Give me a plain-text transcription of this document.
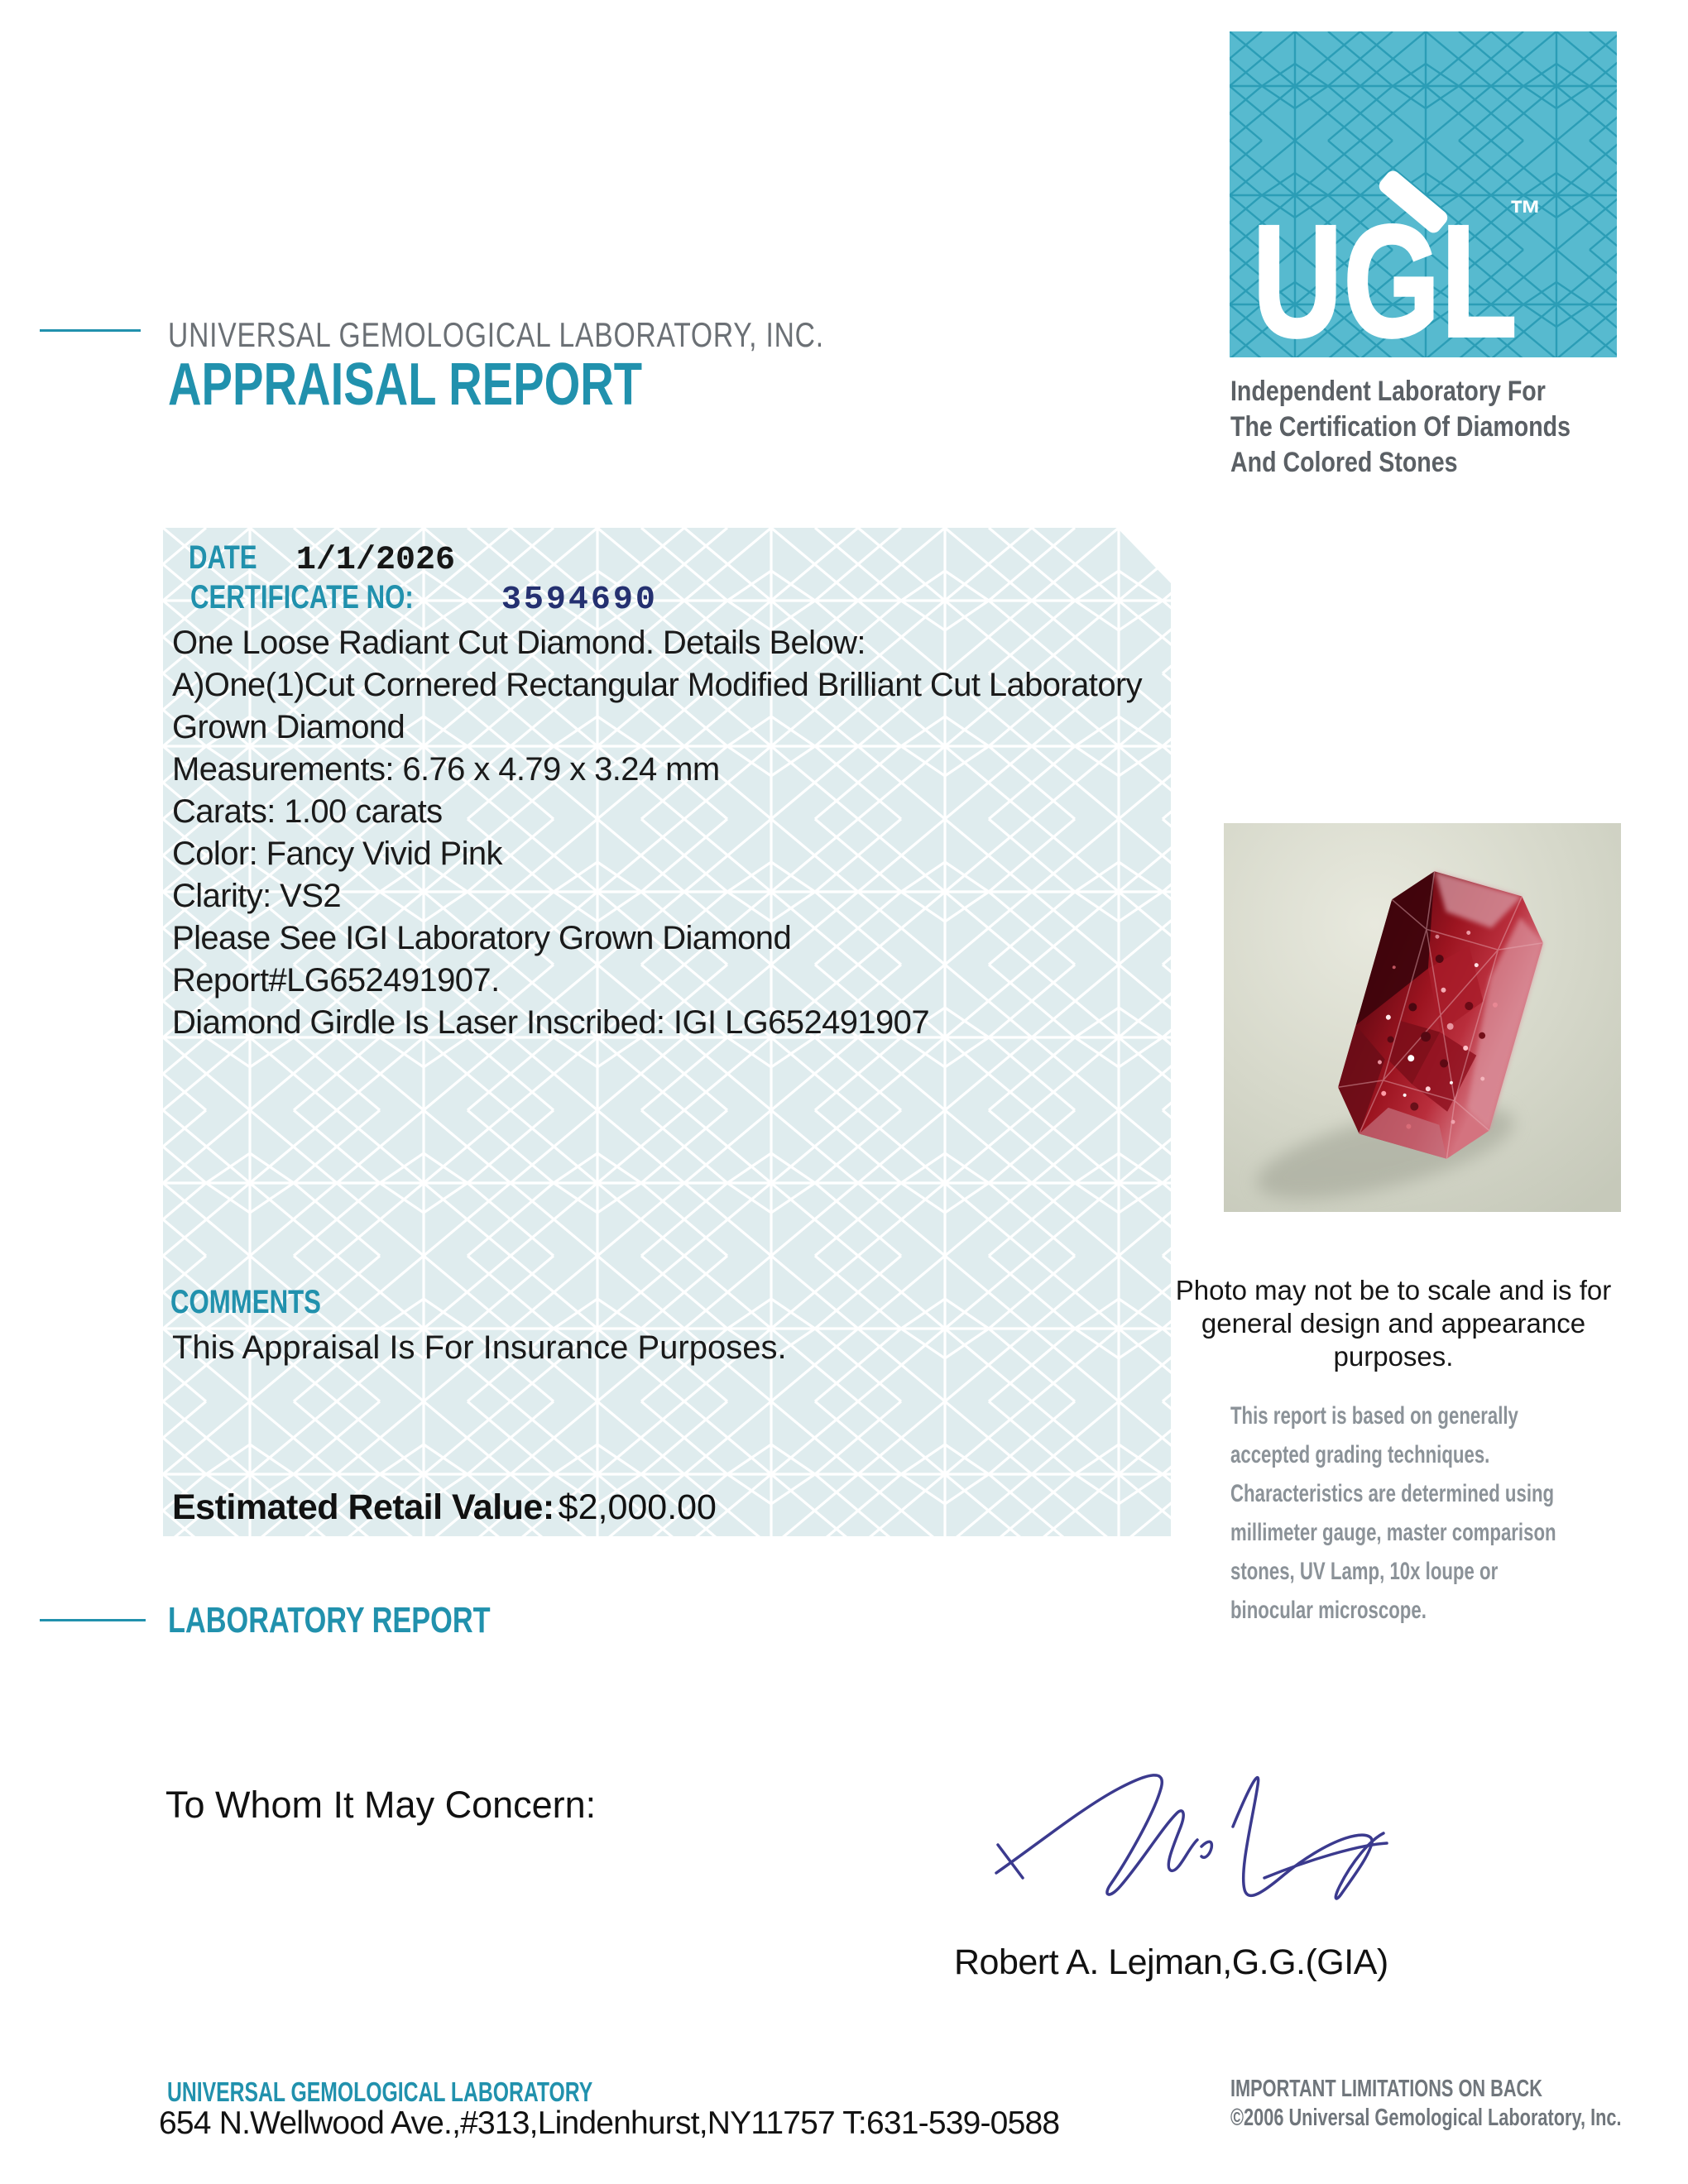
UNIVERSAL GEMOLOGICAL LABORATORY, INC.
APPRAISAL REPORT
UGL
™
Independent Laboratory For
The Certification Of Diamonds
And Colored Stones
DATE	1/1/2026
CERTIFICATE NO:	3594690
One Loose Radiant Cut Diamond. Details Below:
A)One(1)Cut Cornered Rectangular Modified Brilliant Cut Laboratory
Grown Diamond
Measurements: 6.76 x 4.79 x 3.24 mm
Carats: 1.00 carats
Color: Fancy Vivid Pink
Clarity: VS2
Please See IGI Laboratory Grown Diamond
Report#LG652491907.
Diamond Girdle Is Laser Inscribed: IGI LG652491907
COMMENTS
This Appraisal Is For Insurance Purposes.
Estimated Retail Value: $2,000.00
Photo may not be to scale and is for
general design and appearance purposes.
This report is based on generally
accepted grading techniques.
Characteristics are determined using
millimeter gauge, master comparison
stones, UV Lamp, 10x loupe or
binocular microscope.
LABORATORY REPORT
To Whom It May Concern:
Robert A. Lejman,G.G.(GIA)
UNIVERSAL GEMOLOGICAL LABORATORY
654 N.Wellwood Ave.,#313,Lindenhurst,NY11757 T:631-539-0588
IMPORTANT LIMITATIONS ON BACK
©2006 Universal Gemological Laboratory, Inc.
